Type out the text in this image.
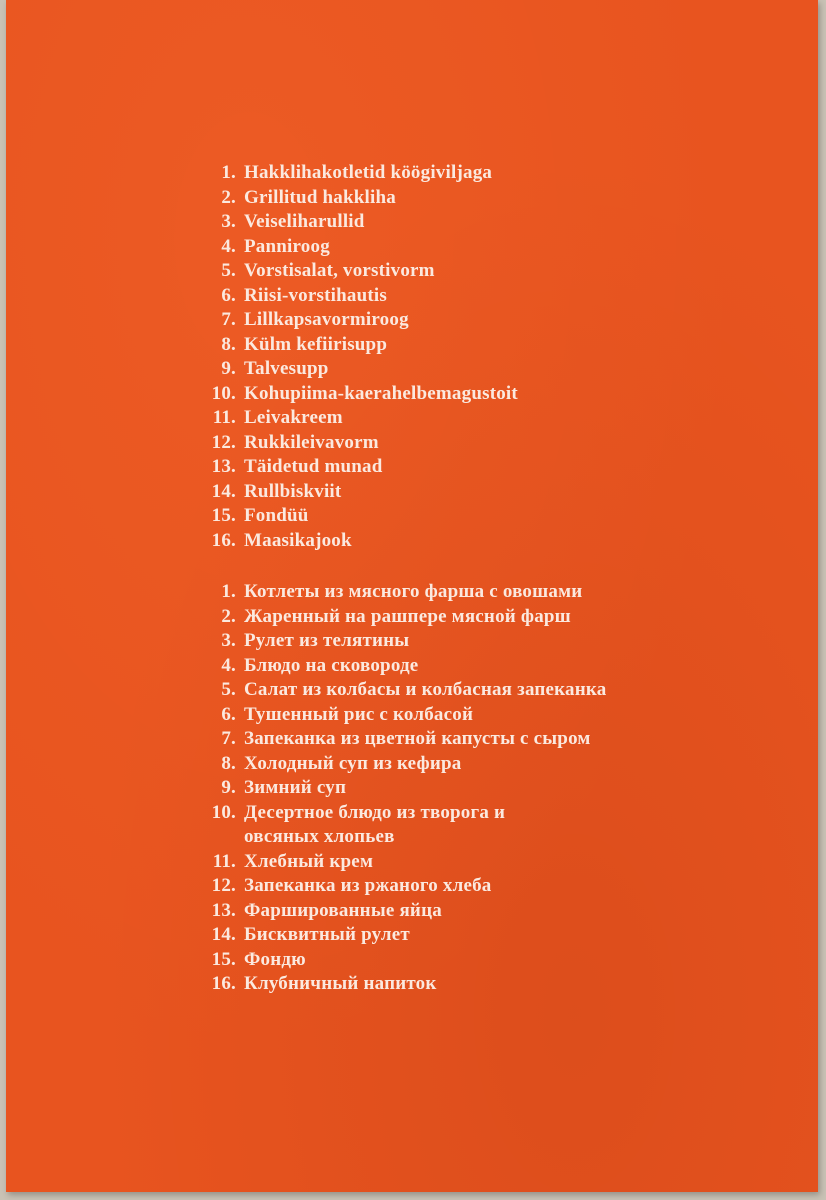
1 . Hakklihakotletid köögiviljaga
2 . Grillitud hakkliha
3 . Veiseliharullid
4 . Panniroog
5 . Vorstisalat, vorstivorm
6 . Riisi-vorstihautis
7 . Lillkapsavormiroog
8 . Külm kefiirisupp
9 . Talvesupp
10 . Kohupiima-kaerahelbemagustoit
11 . Leivakreem
12 . Rukkileivavorm
13 . Täidetud munad
14 . Rullbiskviit
15 . Fondüü
16 . Maasikajook
1 . Котлеты из мясного фарша с овошами
2 . Жаренный на рашпере мясной фарш
3 . Рулет из телятины
4 . Блюдо на сковороде
5 . Салат из колбасы и колбасная запеканка
6 . Тушенный рис с колбасой
7 . Запеканка из цветной капусты с сыром
8 . Холодный суп из кефира
9 . Зимний суп
10 . Десертное блюдо из творога и
овсяных хлопьев
11 . Хлебный крем
12 . Запеканка из ржаного хлеба
13 . Фаршированные яйца
14 . Бисквитный рулет
15 . Фондю
16 . Клубничный напиток
